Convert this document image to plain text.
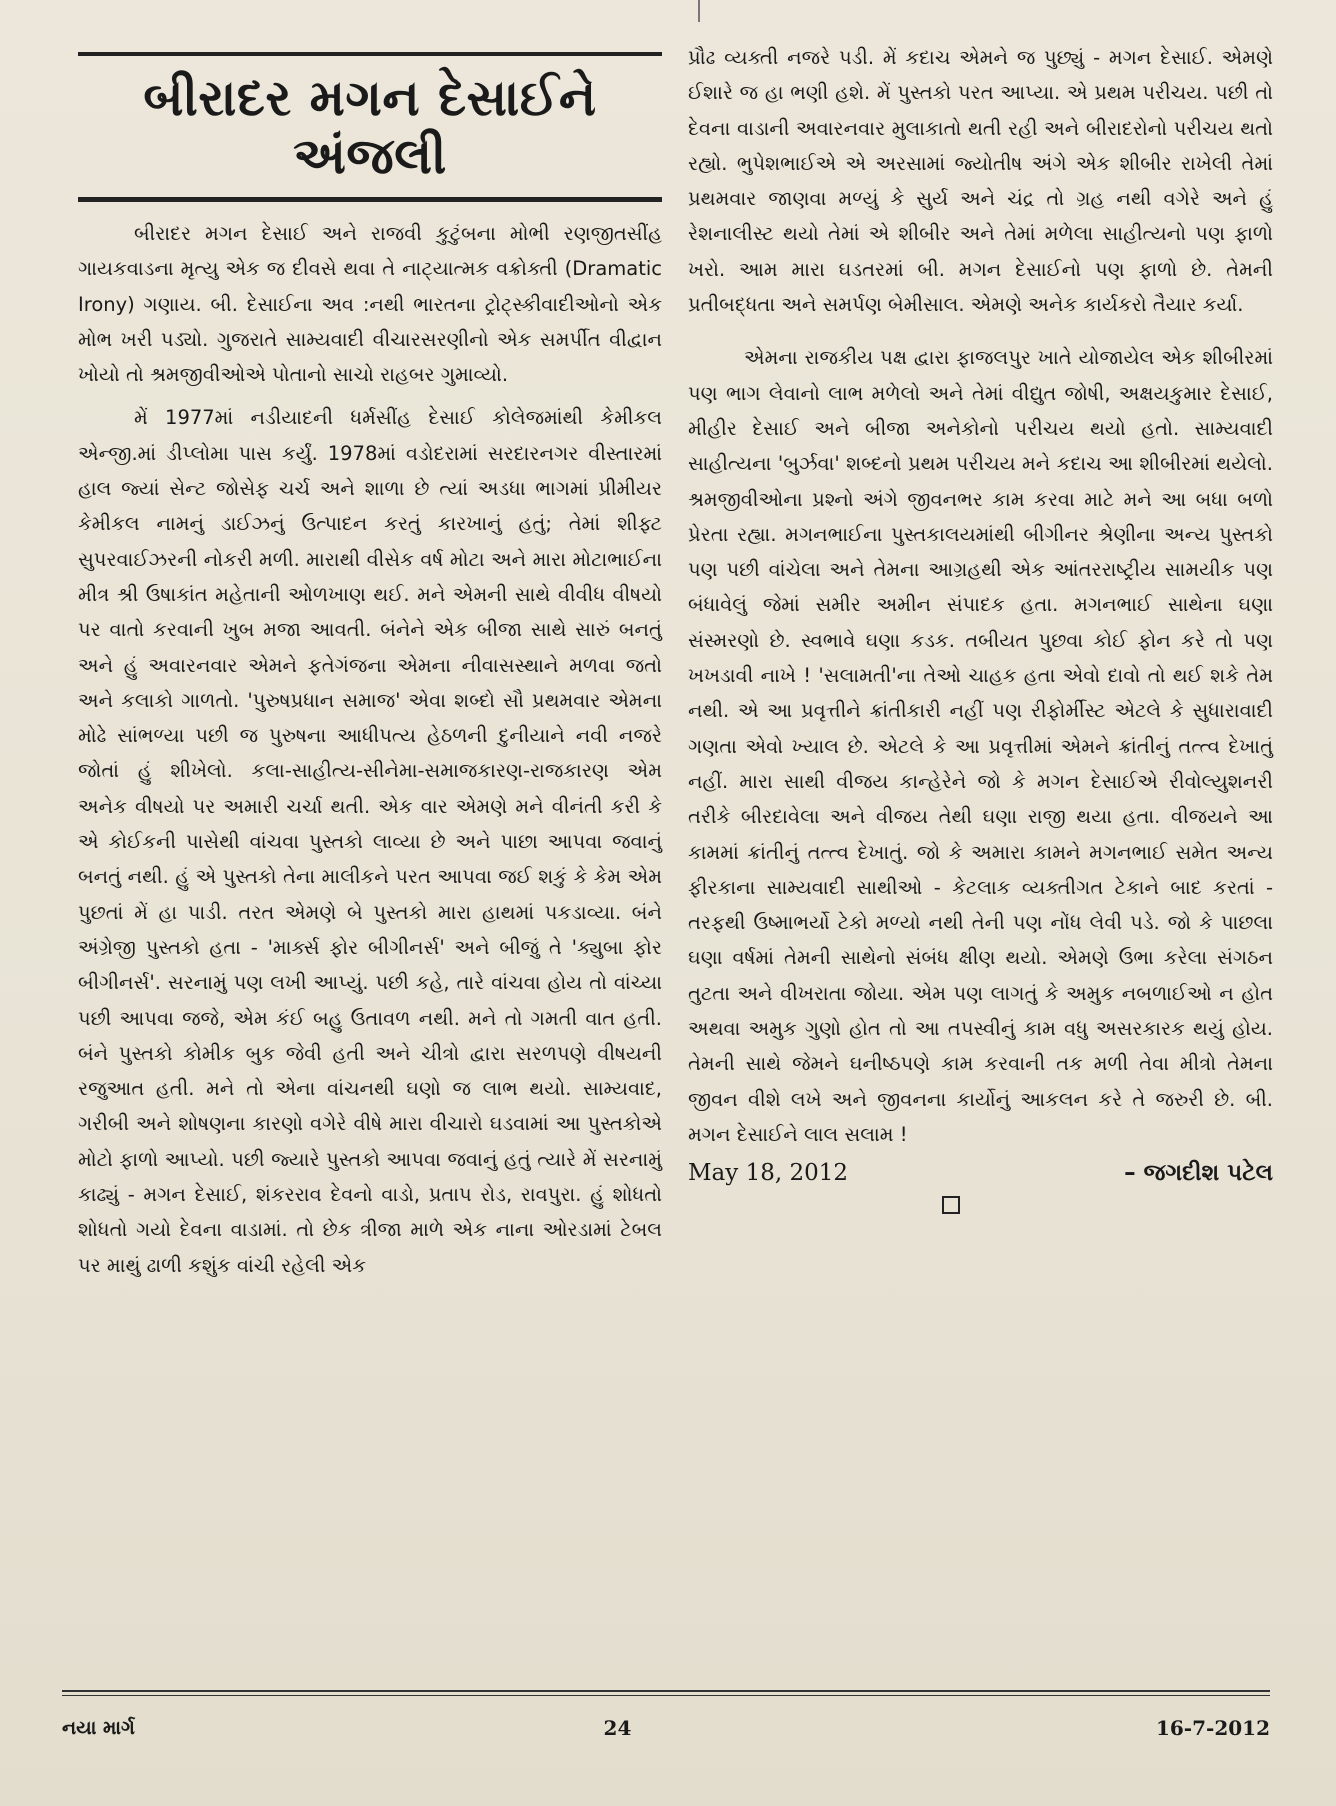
બીરાદર મગન દેસાઈને અંજલી

બીરાદર મગન દેસાઈ અને રાજવી કુટુંબના મોભી રણજીતસીંહ ગાયકવાડના મૃત્યુ એક જ દીવસે થવા તે નાટ્યાત્મક વક્રોક્તી (Dramatic Irony) ગણાય. બી. દેસાઈના અવ :નથી ભારતના ટ્રોટ્સ્કીવાદીઓનો એક મોભ ખરી પડ્યો. ગુજરાતે સામ્યવાદી વીચારસરણીનો એક સમર્પીત વીદ્વાન ખોયો તો શ્રમજીવીઓએ પોતાનો સાચો રાહબર ગુમાવ્યો.

મેં 1977માં નડીયાદની ધર્મસીંહ દેસાઈ કોલેજમાંથી કેમીકલ એન્જી.માં ડીપ્લોમા પાસ કર્યું. 1978માં વડોદરામાં સરદારનગર વીસ્તારમાં હાલ જ્યાં સેન્ટ જોસેફ ચર્ચ અને શાળા છે ત્યાં અડધા ભાગમાં પ્રીમીયર કેમીકલ નામનું ડાઈઝનું ઉત્પાદન કરતું કારખાનું હતું; તેમાં શીફ્ટ સુપરવાઈઝરની નોકરી મળી. મારાથી વીસેક વર્ષ મોટા અને મારા મોટાભાઈના મીત્ર શ્રી ઉષાકાંત મહેતાની ઓળખાણ થઈ. મને એમની સાથે વીવીધ વીષયો પર વાતો કરવાની ખુબ મજા આવતી. બંનેને એક બીજા સાથે સારું બનતું અને હું અવારનવાર એમને ફતેગંજના એમના નીવાસસ્થાને મળવા જતો અને કલાકો ગાળતો. 'પુરુષપ્રધાન સમાજ' એવા શબ્દો સૌ પ્રથમવાર એમના મોઢે સાંભળ્યા પછી જ પુરુષના આધીપત્ય હેઠળની દુનીયાને નવી નજરે જોતાં હું શીખેલો. કલા-સાહીત્ય-સીનેમા-સમાજકારણ-રાજકારણ એમ અનેક વીષયો પર અમારી ચર્ચા થતી. એક વાર એમણે મને વીનંતી કરી કે એ કોઈકની પાસેથી વાંચવા પુસ્તકો લાવ્યા છે અને પાછા આપવા જવાનું બનતું નથી. હું એ પુસ્તકો તેના માલીકને પરત આપવા જઈ શકું કે કેમ એમ પુછતાં મેં હા પાડી. તરત એમણે બે પુસ્તકો મારા હાથમાં પકડાવ્યા. બંને અંગ્રેજી પુસ્તકો હતા - 'માર્ક્સ ફોર બીગીનર્સ' અને બીજું તે 'ક્યુબા ફોર બીગીનર્સ'. સરનામું પણ લખી આપ્યું. પછી કહે, તારે વાંચવા હોય તો વાંચ્યા પછી આપવા જજે, એમ કંઈ બહુ ઉતાવળ નથી. મને તો ગમતી વાત હતી. બંને પુસ્તકો કોમીક બુક જેવી હતી અને ચીત્રો દ્વારા સરળપણે વીષયની રજુઆત હતી. મને તો એના વાંચનથી ઘણો જ લાભ થયો. સામ્યવાદ, ગરીબી અને શોષણના કારણો વગેરે વીષે મારા વીચારો ઘડવામાં આ પુસ્તકોએ મોટો ફાળો આપ્યો. પછી જ્યારે પુસ્તકો આપવા જવાનું હતું ત્યારે મેં સરનામું કાઢ્યું - મગન દેસાઈ, શંકરરાવ દેવનો વાડો, પ્રતાપ રોડ, રાવપુરા. હું શોધતો શોધતો ગયો દેવના વાડામાં. તો છેક ત્રીજા માળે એક નાના ઓરડામાં ટેબલ પર માથું ઢાળી કશુંક વાંચી રહેલી એક

પ્રૌઢ વ્યક્તી નજરે પડી. મેં કદાચ એમને જ પુછ્યું - મગન દેસાઈ. એમણે ઈશારે જ હા ભણી હશે. મેં પુસ્તકો પરત આપ્યા. એ પ્રથમ પરીચય. પછી તો દેવના વાડાની અવારનવાર મુલાકાતો થતી રહી અને બીરાદરોનો પરીચય થતો રહ્યો. ભુપેશભાઈએ એ અરસામાં જ્યોતીષ અંગે એક શીબીર રાખેલી તેમાં પ્રથમવાર જાણવા મળ્યું કે સુર્ય અને ચંદ્ર તો ગ્રહ નથી વગેરે અને હું રેશનાલીસ્ટ થયો તેમાં એ શીબીર અને તેમાં મળેલા સાહીત્યનો પણ ફાળો ખરો. આમ મારા ઘડતરમાં બી. મગન દેસાઈનો પણ ફાળો છે. તેમની પ્રતીબદ્ધતા અને સમર્પણ બેમીસાલ. એમણે અનેક કાર્યકરો તૈયાર કર્યા.

એમના રાજકીય પક્ષ દ્વારા ફાજલપુર ખાતે યોજાયેલ એક શીબીરમાં પણ ભાગ લેવાનો લાભ મળેલો અને તેમાં વીદ્યુત જોષી, અક્ષયકુમાર દેસાઈ, મીહીર દેસાઈ અને બીજા અનેકોનો પરીચય થયો હતો. સામ્યવાદી સાહીત્યના 'બુર્ઝવા' શબ્દનો પ્રથમ પરીચય મને કદાચ આ શીબીરમાં થયેલો. શ્રમજીવીઓના પ્રશ્નો અંગે જીવનભર કામ કરવા માટે મને આ બધા બળો પ્રેરતા રહ્યા. મગનભાઈના પુસ્તકાલયમાંથી બીગીનર શ્રેણીના અન્ય પુસ્તકો પણ પછી વાંચેલા અને તેમના આગ્રહથી એક આંતરરાષ્ટ્રીય સામયીક પણ બંધાવેલું જેમાં સમીર અમીન સંપાદક હતા. મગનભાઈ સાથેના ઘણા સંસ્મરણો છે. સ્વભાવે ઘણા કડક. તબીયત પુછવા કોઈ ફોન કરે તો પણ ખખડાવી નાખે ! 'સલામતી'ના તેઓ ચાહક હતા એવો દાવો તો થઈ શકે તેમ નથી. એ આ પ્રવૃત્તીને ક્રાંતીકારી નહીં પણ રીફોર્મીસ્ટ એટલે કે સુધારાવાદી ગણતા એવો ખ્યાલ છે. એટલે કે આ પ્રવૃત્તીમાં એમને ક્રાંતીનું તત્ત્વ દેખાતું નહીં. મારા સાથી વીજય કાન્હેરેને જો કે મગન દેસાઈએ રીવોલ્યુશનરી તરીકે બીરદાવેલા અને વીજય તેથી ઘણા રાજી થયા હતા. વીજયને આ કામમાં ક્રાંતીનું તત્ત્વ દેખાતું. જો કે અમારા કામને મગનભાઈ સમેત અન્ય ફીરકાના સામ્યવાદી સાથીઓ - કેટલાક વ્યક્તીગત ટેકાને બાદ કરતાં - તરફથી ઉષ્માભર્યો ટેકો મળ્યો નથી તેની પણ નોંધ લેવી પડે. જો કે પાછલા ઘણા વર્ષમાં તેમની સાથેનો સંબંધ ક્ષીણ થયો. એમણે ઉભા કરેલા સંગઠન તુટતા અને વીખરાતા જોયા. એમ પણ લાગતું કે અમુક નબળાઈઓ ન હોત અથવા અમુક ગુણો હોત તો આ તપસ્વીનું કામ વધુ અસરકારક થયું હોય. તેમની સાથે જેમને ઘનીષ્ઠપણે કામ કરવાની તક મળી તેવા મીત્રો તેમના જીવન વીશે લખે અને જીવનના કાર્યોનું આકલન કરે તે જરુરી છે. બી. મગન દેસાઈને લાલ સલામ !

May 18, 2012	– જગદીશ પટેલ
નયા માર્ગ	24	16-7-2012
